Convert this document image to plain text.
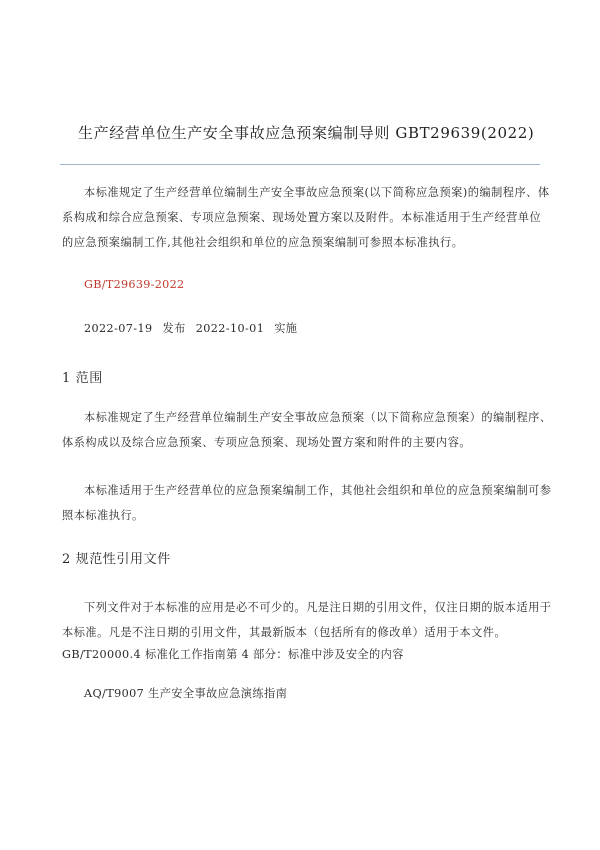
生产经营单位生产安全事故应急预案编制导则 GBT29639(2022)

本标准规定了生产经营单位编制生产安全事故应急预案(以下简称应急预案)的编制程序、体系构成和综合应急预案、专项应急预案、现场处置方案以及附件。本标准适用于生产经营单位的应急预案编制工作,其他社会组织和单位的应急预案编制可参照本标准执行。

GB/T29639-2022
2022-07-19 发布 2022-10-01 实施
1 范围

本标准规定了生产经营单位编制生产安全事故应急预案（以下简称应急预案）的编制程序、体系构成以及综合应急预案、专项应急预案、现场处置方案和附件的主要内容。

本标准适用于生产经营单位的应急预案编制工作，其他社会组织和单位的应急预案编制可参照本标准执行。

2 规范性引用文件

下列文件对于本标准的应用是必不可少的。凡是注日期的引用文件，仅注日期的版本适用于本标准。凡是不注日期的引用文件，其最新版本（包括所有的修改单）适用于本文件。

GB/T20000.4 标准化工作指南第 4 部分：标准中涉及安全的内容
AQ/T9007 生产安全事故应急演练指南
